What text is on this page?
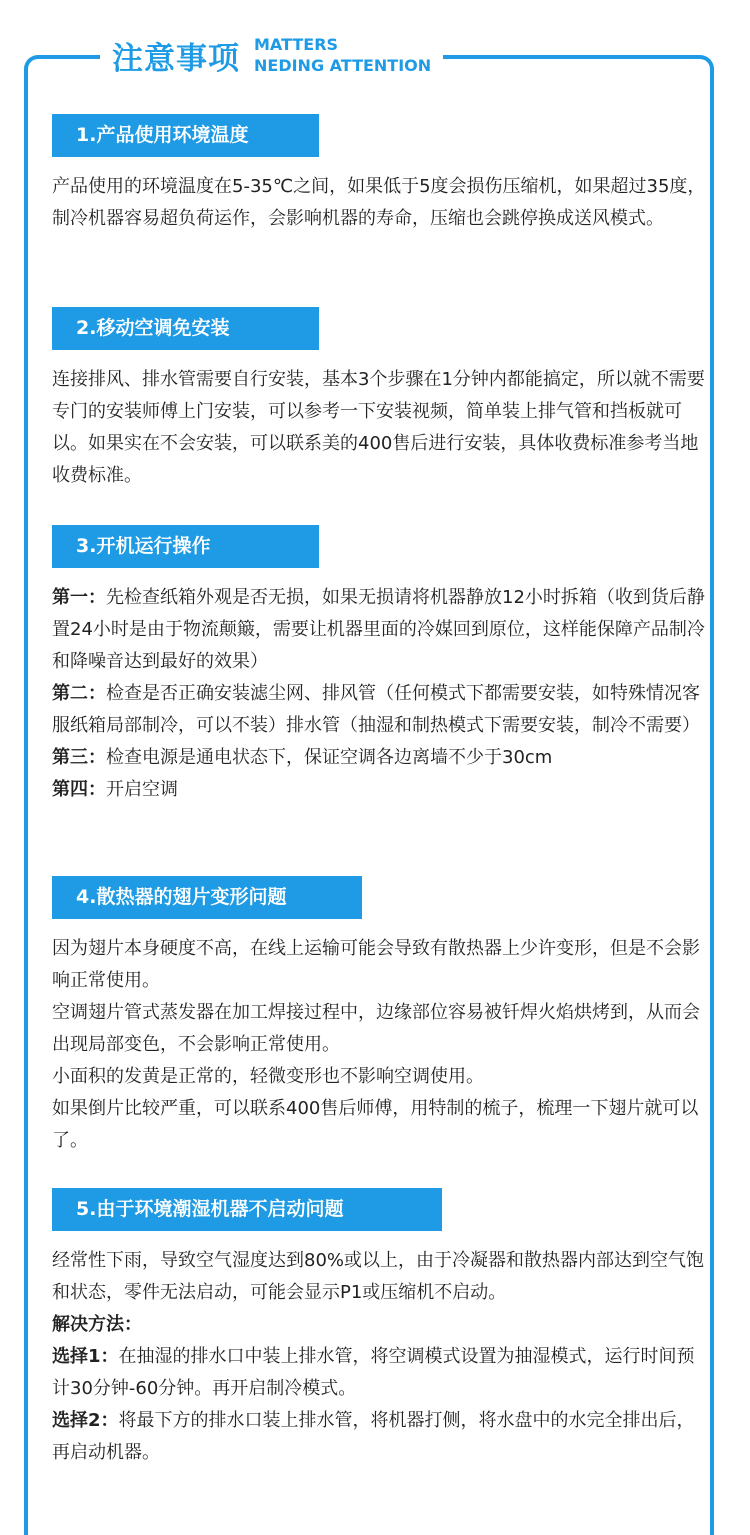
注意事项 MATTERS
NEDING ATTENTION
1.产品使用环境温度

产品使用的环境温度在5-35℃之间，如果低于5度会损伤压缩机，如果超过35度，制冷机器容易超负荷运作，会影响机器的寿命，压缩也会跳停换成送风模式。

2.移动空调免安装

连接排风、排水管需要自行安装，基本3个步骤在1分钟内都能搞定，所以就不需要专门的安装师傅上门安装，可以参考一下安装视频，简单装上排气管和挡板就可以。如果实在不会安装，可以联系美的400售后进行安装，具体收费标准参考当地收费标准。

3.开机运行操作

第一：先检查纸箱外观是否无损，如果无损请将机器静放12小时拆箱（收到货后静置24小时是由于物流颠簸，需要让机器里面的冷媒回到原位，这样能保障产品制冷和降噪音达到最好的效果）

第二：检查是否正确安装滤尘网、排风管（任何模式下都需要安装，如特殊情况客服纸箱局部制冷，可以不装）排水管（抽湿和制热模式下需要安装，制冷不需要）

第三：检查电源是通电状态下，保证空调各边离墙不少于30cm

第四：开启空调

4.散热器的翅片变形问题

因为翅片本身硬度不高，在线上运输可能会导致有散热器上少许变形，但是不会影响正常使用。

空调翅片管式蒸发器在加工焊接过程中，边缘部位容易被钎焊火焰烘烤到，从而会出现局部变色，不会影响正常使用。

小面积的发黄是正常的，轻微变形也不影响空调使用。

如果倒片比较严重，可以联系400售后师傅，用特制的梳子，梳理一下翅片就可以了。

5.由于环境潮湿机器不启动问题

经常性下雨，导致空气湿度达到80%或以上，由于冷凝器和散热器内部达到空气饱和状态，零件无法启动，可能会显示P1或压缩机不启动。

解决方法：

选择1：在抽湿的排水口中装上排水管，将空调模式设置为抽湿模式，运行时间预计30分钟-60分钟。再开启制冷模式。

选择2：将最下方的排水口装上排水管，将机器打侧，将水盘中的水完全排出后，再启动机器。
